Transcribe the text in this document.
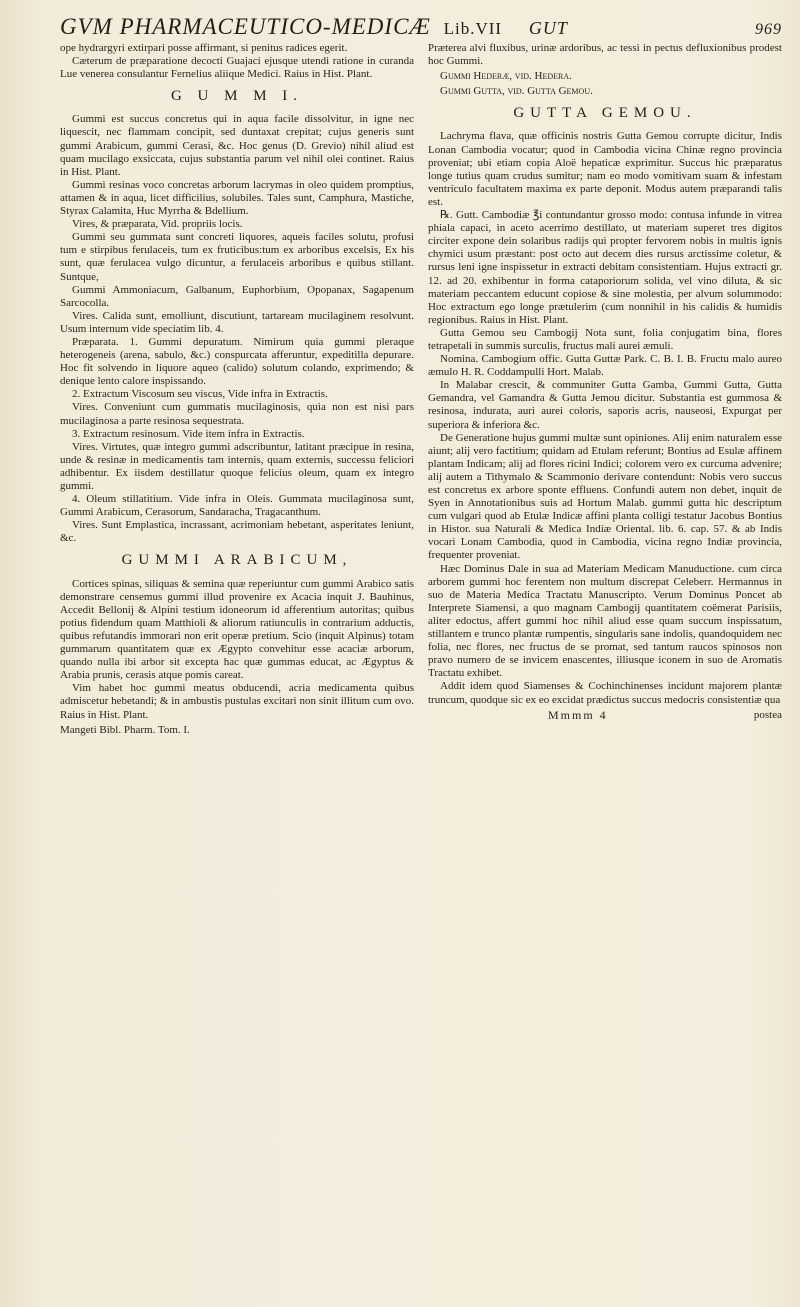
GVM PHARMACEUTICO-MEDICÆ Lib.VII GUT	969

ope hydrargyri extirpari posse affirmant, si penitus radices egerit.

Cæterum de præparatione decocti Guajaci ejusque utendi ratione in curanda Lue venerea consulantur Fernelius aliique Medici. Raius in Hist. Plant.

G U M M I.

Gummi est succus concretus qui in aqua facile dissolvitur, in igne nec liquescit, nec flammam concipit, sed duntaxat crepitat; cujus generis sunt gummi Arabicum, gummi Cerasi, &c. Hoc genus (D. Grevio) nihil aliud est quam mucilago exsiccata, cujus substantia parum vel nihil olei continet. Raius in Hist. Plant.

Gummi resinas voco concretas arborum lacrymas in oleo quidem promptius, attamen & in aqua, licet difficilius, solubiles. Tales sunt, Camphura, Mastiche, Styrax Calamita, Huc Myrrha & Bdellium.

Vires, & præparata, Vid. propriis locis.

Gummi seu gummata sunt concreti liquores, aqueis faciles solutu, profusi tum e stirpibus ferulaceis, tum ex fruticibus:tum ex arboribus excelsis, Ex his sunt, quæ ferulacea vulgo dicuntur, a ferulaceis arboribus e quibus stillant. Suntque,

Gummi Ammoniacum, Galbanum, Euphorbium, Opopanax, Sagapenum Sarcocolla.

Vires. Calida sunt, emolliunt, discutiunt, tartaream mucilaginem resolvunt. Usum internum vide speciatim lib. 4.

Præparata. 1. Gummi depuratum. Nimirum quia gummi pleraque heterogeneis (arena, sabulo, &c.) conspurcata afferuntur, expeditilla depurare. Hoc fit solvendo in liquore aqueo (calido) solutum colando, exprimendo; & denique lento calore inspissando.

2. Extractum Viscosum seu viscus, Vide infra in Extractis.

Vires. Conveniunt cum gummatis mucilaginosis, quia non est nisi pars mucilaginosa a parte resinosa sequestrata.

3. Extractum resinosum. Vide item infra in Extractis.

Vires. Virtutes, quæ integro gummi adscribuntur, latitant præcipue in resina, unde & resinæ in medicamentis tam internis, quam externis, successu feliciori adhibentur. Ex iisdem destillatur quoque felicius oleum, quam ex integro gummi.

4. Oleum stillatitium. Vide infra in Oleis. Gummata mucilaginosa sunt, Gummi Arabicum, Cerasorum, Sandaracha, Tragacanthum.

Vires. Sunt Emplastica, incrassant, acrimoniam hebetant, asperitates leniunt, &c.

GUMMI ARABICUM,

Cortices spinas, siliquas & semina quæ reperiuntur cum gummi Arabico satis demonstrare censemus gummi illud provenire ex Acacia inquit J. Bauhinus, Accedit Bellonij & Alpini testium idoneorum id afferentium autoritas; quibus potius fidendum quam Matthioli & aliorum ratiunculis in contrarium adductis, quibus refutandis immorari non erit operæ pretium. Scio (inquit Alpinus) totam gummarum quantitatem quæ ex Ægypto convehitur esse acaciæ arborum, quando nulla ibi arbor sit excepta hac quæ gummas educat, ac Ægyptus & Arabia prunis, cerasis atque pomis careat.

Vim habet hoc gummi meatus obducendi, acria medicamenta quibus admiscetur hebetandi; & in ambustis pustulas excitari non sinit illitum cum ovo. Raius in Hist. Plant.

Mangeti Bibl. Pharm. Tom. I.

Præterea alvi fluxibus, urinæ ardoribus, ac tessi in pectus defluxionibus prodest hoc Gummi.

Gummi Hederæ, vid. Hedera.
Gummi Gutta, vid. Gutta Gemou.
GUTTA GEMOU.

Lachryma flava, quæ officinis nostris Gutta Gemou corrupte dicitur, Indis Lonan Cambodia vocatur; quod in Cambodia vicina Chinæ regno provincia proveniat; ubi etiam copia Aloë hepaticæ exprimitur. Succus hic præparatus longe tutius quam crudus sumitur; nam eo modo vomitivam suam & infestam ventriculo facultatem maxima ex parte deponit. Modus autem præparandi talis est.

℞. Gutt. Cambodiæ ℥i contundantur grosso modo: contusa infunde in vitrea phiala capaci, in aceto acerrimo destillato, ut materiam superet tres digitos circiter expone dein solaribus radijs qui propter fervorem nobis in multis ignis chymici usum præstant: post octo aut decem dies rursus arctissime coletur, & rursus leni igne inspissetur in extracti debitam consistentiam. Hujus extracti gr. 12. ad 20. exhibentur in forma cataporiorum solida, vel vino diluta, & sic materiam peccantem educunt copiose & sine molestia, per alvum solummodo: Hoc extractum ego longe prætulerim (cum nonnihil in his calidis & humidis regionibus. Raius in Hist. Plant.

Gutta Gemou seu Cambogij Nota sunt, folia conjugatim bina, flores tetrapetali in summis surculis, fructus mali aurei æmuli.

Nomina. Cambogium offic. Gutta Guttæ Park. C. B. I. B. Fructu malo aureo æmulo H. R. Coddampulli Hort. Malab.

In Malabar crescit, & communiter Gutta Gamba, Gummi Gutta, Gutta Gemandra, vel Gamandra & Gutta Jemou dicitur. Substantia est gummosa & resinosa, indurata, auri aurei coloris, saporis acris, nauseosi, Expurgat per superiora & inferiora &c.

De Generatione hujus gummi multæ sunt opiniones. Alij enim naturalem esse aiunt; alij vero factitium; quidam ad Etulam referunt; Bontius ad Esulæ affinem plantam Indicam; alij ad flores ricini Indici; colorem vero ex curcuma advenire; alij autem a Tithymalo & Scammonio derivare contendunt: Nobis vero succus est concretus ex arbore sponte effluens. Confundi autem non debet, inquit de Syen in Annotationibus suis ad Hortum Malab. gummi gutta hic descriptum cum vulgari quod ab Etulæ Indicæ affini planta colligi testatur Jacobus Bontius in Histor. sua Naturali & Medica Indiæ Oriental. lib. 6. cap. 57. & ab Indis vocari Lonam Cambodia, quod in Cambodia, vicina regno Indiæ provincia, frequenter proveniat.

Hæc Dominus Dale in sua ad Materiam Medicam Manuductione. cum circa arborem gummi hoc ferentem non multum discrepat Celeberr. Hermannus in suo de Materia Medica Tractatu Manuscripto. Verum Dominus Poncet ab Interprete Siamensi, a quo magnam Cambogij quantitatem coëmerat Parisiis, aliter edoctus, affert gummi hoc nihil aliud esse quam succum inspissatum, stillantem e trunco plantæ rumpentis, singularis sane indolis, quandoquidem nec folia, nec flores, nec fructus de se promat, sed tantum raucos spinosos non pravo numero de se invicem enascentes, illiusque iconem in suo de Aromatis Tractatu exhibet.

Addit idem quod Siamenses & Cochinchinenses incidunt majorem plantæ truncum, quodque sic ex eo excidat prædictus succus medocris consistentiæ qua

Mmmm 4	postea
